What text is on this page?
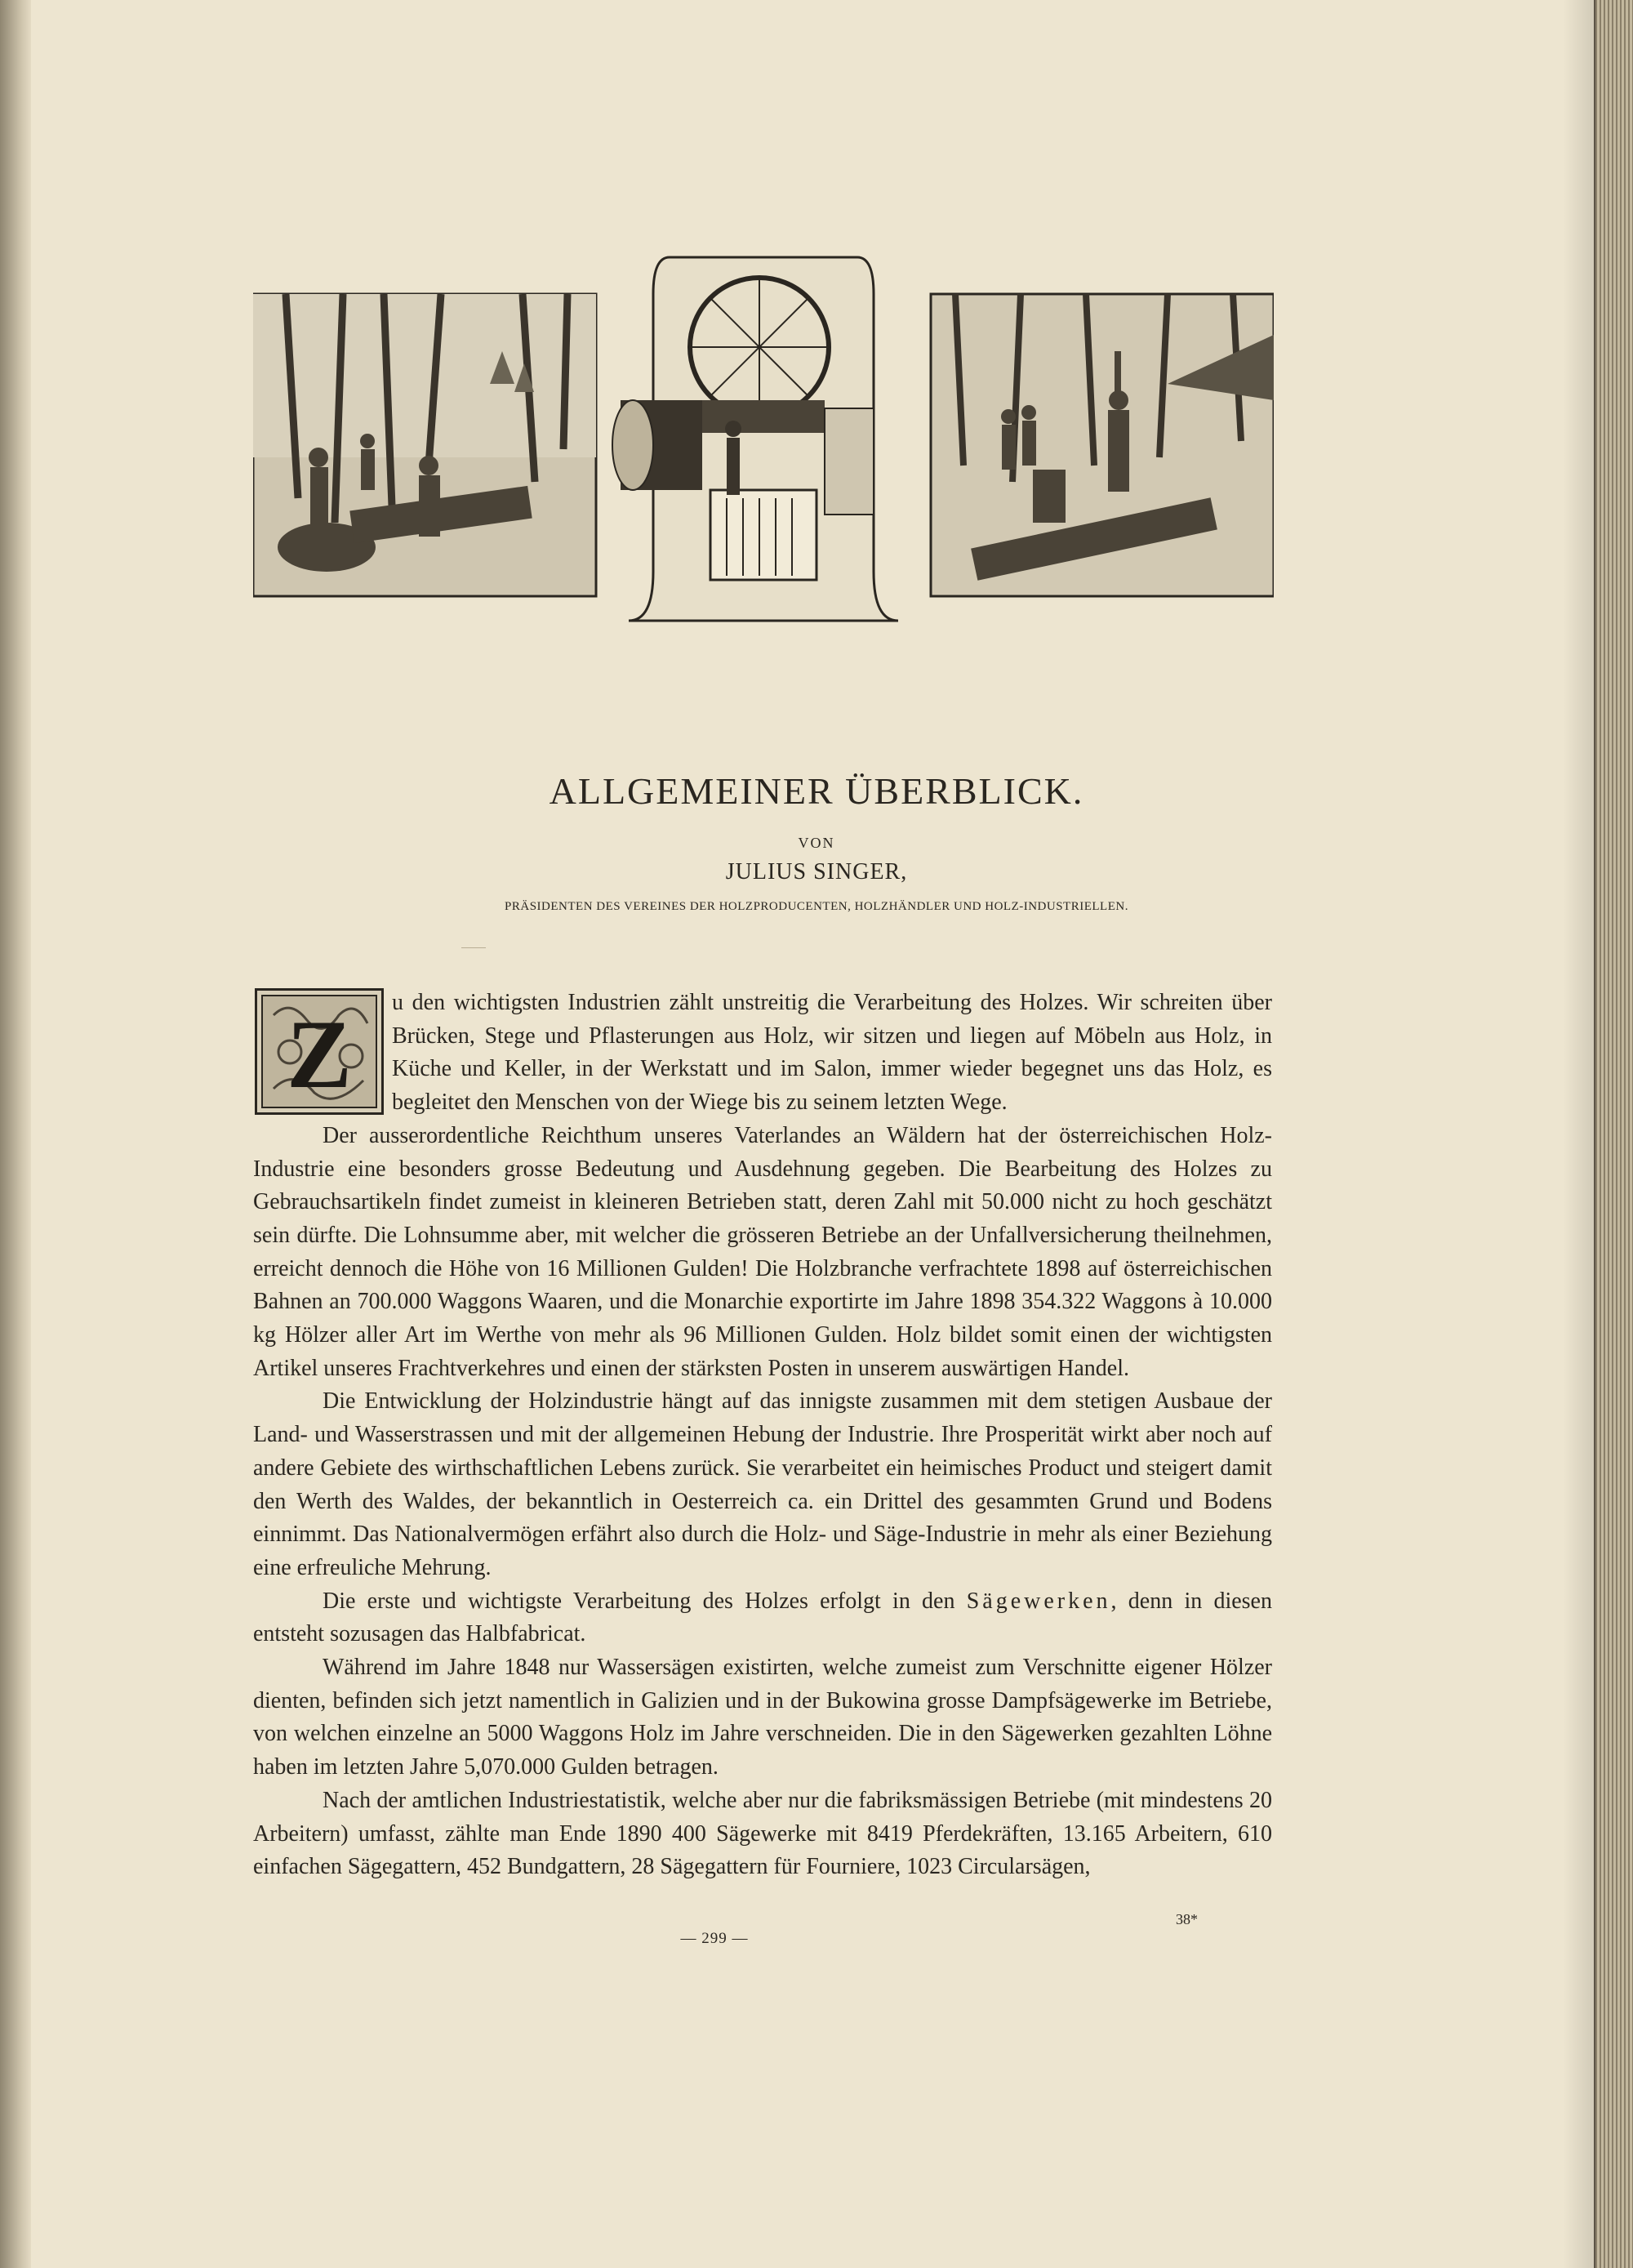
ALLGEMEINER ÜBERBLICK.
VON
JULIUS SINGER,
PRÄSIDENTEN DES VEREINES DER HOLZPRODUCENTEN, HOLZHÄNDLER UND HOLZ-INDUSTRIELLEN.
Z	u den wichtigsten Industrien zählt unstreitig die Verarbeitung des Holzes. Wir schreiten über Brücken, Stege und Pflasterungen aus Holz, wir sitzen und liegen auf Möbeln aus Holz, in Küche und Keller, in der Werkstatt und im Salon, immer wieder begegnet uns das Holz, es begleitet den Menschen von der Wiege bis zu seinem letzten Wege.

Der ausserordentliche Reichthum unseres Vaterlandes an Wäldern hat der österreichischen Holz-Industrie eine besonders grosse Bedeutung und Ausdehnung gegeben. Die Bearbeitung des Holzes zu Gebrauchsartikeln findet zumeist in kleineren Betrieben statt, deren Zahl mit 50.000 nicht zu hoch geschätzt sein dürfte. Die Lohnsumme aber, mit welcher die grösseren Betriebe an der Unfallversicherung theilnehmen, erreicht dennoch die Höhe von 16 Millionen Gulden! Die Holzbranche verfrachtete 1898 auf österreichischen Bahnen an 700.000 Waggons Waaren, und die Monarchie exportirte im Jahre 1898 354.322 Waggons à 10.000 kg Hölzer aller Art im Werthe von mehr als 96 Millionen Gulden. Holz bildet somit einen der wichtigsten Artikel unseres Frachtverkehres und einen der stärksten Posten in unserem auswärtigen Handel.

Die Entwicklung der Holzindustrie hängt auf das innigste zusammen mit dem stetigen Ausbaue der Land- und Wasserstrassen und mit der allgemeinen Hebung der Industrie. Ihre Prosperität wirkt aber noch auf andere Gebiete des wirthschaftlichen Lebens zurück. Sie verarbeitet ein heimisches Product und steigert damit den Werth des Waldes, der bekanntlich in Oesterreich ca. ein Drittel des gesammten Grund und Bodens einnimmt. Das Nationalvermögen erfährt also durch die Holz- und Säge-Industrie in mehr als einer Beziehung eine erfreuliche Mehrung.

Die erste und wichtigste Verarbeitung des Holzes erfolgt in den Sägewerken, denn in diesen entsteht sozusagen das Halbfabricat.

Während im Jahre 1848 nur Wassersägen existirten, welche zumeist zum Verschnitte eigener Hölzer dienten, befinden sich jetzt namentlich in Galizien und in der Bukowina grosse Dampfsägewerke im Betriebe, von welchen einzelne an 5000 Waggons Holz im Jahre verschneiden. Die in den Sägewerken gezahlten Löhne haben im letzten Jahre 5,070.000 Gulden betragen.

Nach der amtlichen Industriestatistik, welche aber nur die fabriksmässigen Betriebe (mit mindestens 20 Arbeitern) umfasst, zählte man Ende 1890 400 Sägewerke mit 8419 Pferdekräften, 13.165 Arbeitern, 610 einfachen Sägegattern, 452 Bundgattern, 28 Sägegattern für Fourniere, 1023 Circularsägen,

38*
— 299 —
